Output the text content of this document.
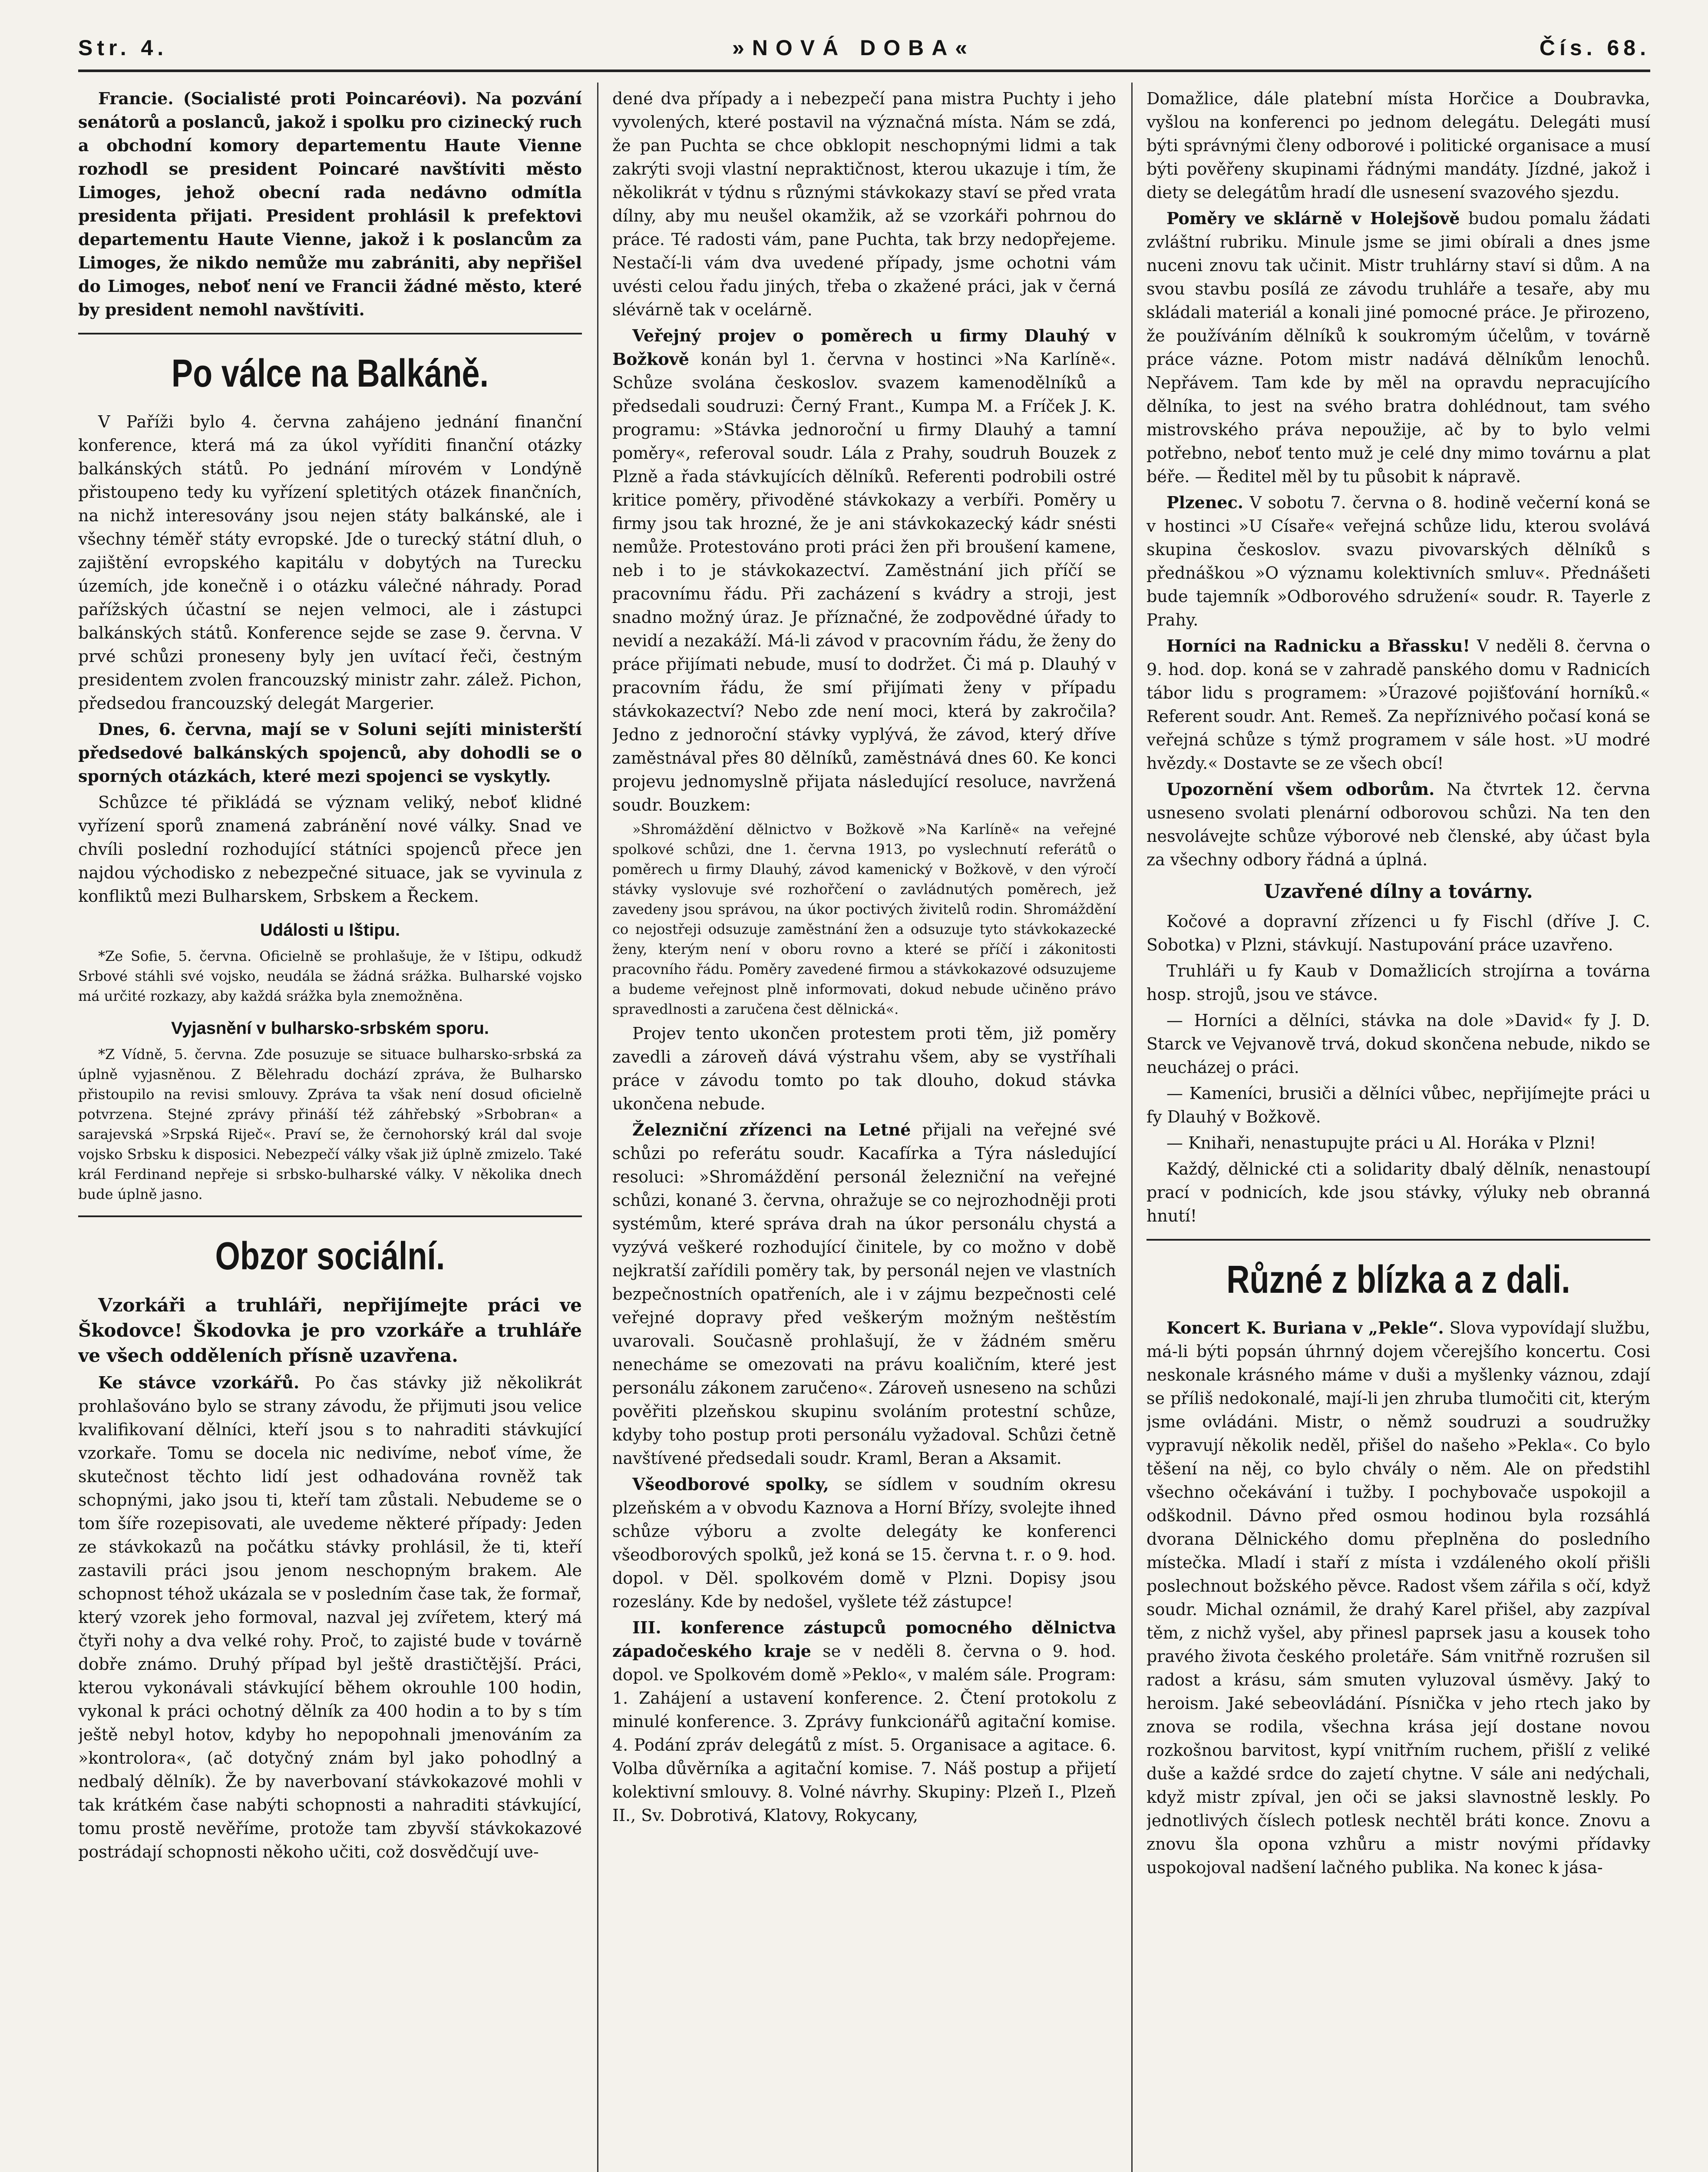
Str. 4.	»NOVÁ DOBA«	Čís. 68.

Francie. (Socialisté proti Poincaréovi). Na pozvání senátorů a poslanců, jakož i spolku pro cizinecký ruch a obchodní komory departementu Haute Vienne rozhodl se president Poincaré navštíviti město Limoges, jehož obecní rada nedávno odmítla presidenta přijati. President prohlásil k prefektovi departementu Haute Vienne, jakož i k poslancům za Limoges, že nikdo nemůže mu zabrániti, aby nepřišel do Limoges, neboť není ve Francii žádné město, které by president nemohl navštíviti.

Po válce na Balkáně.

V Paříži bylo 4. června zahájeno jednání finanční konference, která má za úkol vyříditi finanční otázky balkánských států. Po jednání mírovém v Londýně přistoupeno tedy ku vyřízení spletitých otázek finančních, na nichž interesovány jsou nejen státy balkánské, ale i všechny téměř státy evropské. Jde o turecký státní dluh, o zajištění evropského kapitálu v dobytých na Turecku územích, jde konečně i o otázku válečné náhrady. Porad pařížských účastní se nejen velmoci, ale i zástupci balkánských států. Konference sejde se zase 9. června. V prvé schůzi proneseny byly jen uvítací řeči, čestným presidentem zvolen francouzský ministr zahr. zálež. Pichon, předsedou francouzský delegát Margerier.

Dnes, 6. června, mají se v Soluni sejíti ministerští předsedové balkánských spojenců, aby dohodli se o sporných otázkách, které mezi spojenci se vyskytly.

Schůzce té přikládá se význam veliký, neboť klidné vyřízení sporů znamená zabránění nové války. Snad ve chvíli poslední rozhodující státníci spojenců přece jen najdou východisko z nebezpečné situace, jak se vyvinula z konfliktů mezi Bulharskem, Srbskem a Řeckem.

Události u Ištipu.

*Ze Sofie, 5. června. Oficielně se prohlašuje, že v Ištipu, odkudž Srbové stáhli své vojsko, neudála se žádná srážka. Bulharské vojsko má určité rozkazy, aby každá srážka byla znemožněna.

Vyjasnění v bulharsko-srbském sporu.

*Z Vídně, 5. června. Zde posuzuje se situace bulharsko-srbská za úplně vyjasněnou. Z Bělehradu dochází zpráva, že Bulharsko přistoupilo na revisi smlouvy. Zpráva ta však není dosud oficielně potvrzena. Stejné zprávy přináší též záhřebský »Srbobran« a sarajevská »Srpská Riječ«. Praví se, že černohorský král dal svoje vojsko Srbsku k disposici. Nebezpečí války však již úplně zmizelo. Také král Ferdinand nepřeje si srbsko-bulharské války. V několika dnech bude úplně jasno.

Obzor sociální.

Vzorkáři a truhláři, nepřijímejte práci ve Škodovce! Škodovka je pro vzorkáře a truhláře ve všech odděleních přísně uzavřena.

Ke stávce vzorkářů. Po čas stávky již několikrát prohlašováno bylo se strany závodu, že přijmuti jsou velice kvalifikovaní dělníci, kteří jsou s to nahraditi stávkující vzorkaře. Tomu se docela nic nedivíme, neboť víme, že skutečnost těchto lidí jest odhadována rovněž tak schopnými, jako jsou ti, kteří tam zůstali. Nebudeme se o tom šíře rozepisovati, ale uvedeme některé případy: Jeden ze stávkokazů na počátku stávky prohlásil, že ti, kteří zastavili práci jsou jenom neschopným brakem. Ale schopnost téhož ukázala se v posledním čase tak, že formař, který vzorek jeho formoval, nazval jej zvířetem, který má čtyři nohy a dva velké rohy. Proč, to zajisté bude v továrně dobře známo. Druhý případ byl ještě drastičtější. Práci, kterou vykonávali stávkující během okrouhle 100 hodin, vykonal k práci ochotný dělník za 400 hodin a to by s tím ještě nebyl hotov, kdyby ho nepopohnali jmenováním za »kontrolora«, (ač dotyčný znám byl jako pohodlný a nedbalý dělník). Že by naverbovaní stávkokazové mohli v tak krátkém čase nabýti schopnosti a nahraditi stávkující, tomu prostě nevěříme, protože tam zbyvší stávkokazové postrádají schopnosti někoho učiti, což dosvědčují uve-

dené dva případy a i nebezpečí pana mistra Puchty i jeho vyvolených, které postavil na význačná místa. Nám se zdá, že pan Puchta se chce obklopit neschopnými lidmi a tak zakrýti svoji vlastní nepraktičnost, kterou ukazuje i tím, že několikrát v týdnu s různými stávkokazy staví se před vrata dílny, aby mu neušel okamžik, až se vzorkáři pohrnou do práce. Té radosti vám, pane Puchta, tak brzy nedopřejeme. Nestačí-li vám dva uvedené případy, jsme ochotni vám uvésti celou řadu jiných, třeba o zkažené práci, jak v černá slévárně tak v ocelárně.

Veřejný projev o poměrech u firmy Dlauhý v Božkově konán byl 1. června v hostinci »Na Karlíně«. Schůze svolána českoslov. svazem kamenodělníků a předsedali soudruzi: Černý Frant., Kumpa M. a Fríček J. K. programu: »Stávka jednoroční u firmy Dlauhý a tamní poměry«, referoval soudr. Lála z Prahy, soudruh Bouzek z Plzně a řada stávkujících dělníků. Referenti podrobili ostré kritice poměry, přivoděné stávkokazy a verbíři. Poměry u firmy jsou tak hrozné, že je ani stávkokazecký kádr snésti nemůže. Protestováno proti práci žen při broušení kamene, neb i to je stávkokazectví. Zaměstnání jich příčí se pracovnímu řádu. Při zacházení s kvádry a stroji, jest snadno možný úraz. Je příznačné, že zodpovědné úřady to nevidí a nezakáží. Má-li závod v pracovním řádu, že ženy do práce přijímati nebude, musí to dodržet. Či má p. Dlauhý v pracovním řádu, že smí přijímati ženy v případu stávkokazectví? Nebo zde není moci, která by zakročila? Jedno z jednoroční stávky vyplývá, že závod, který dříve zaměstnával přes 80 dělníků, zaměstnává dnes 60. Ke konci projevu jednomyslně přijata následující resoluce, navržená soudr. Bouzkem:

»Shromáždění dělnictvo v Božkově »Na Karlíně« na veřejné spolkové schůzi, dne 1. června 1913, po vyslechnutí referátů o poměrech u firmy Dlauhý, závod kamenický v Božkově, v den výročí stávky vyslovuje své rozhořčení o zavládnutých poměrech, jež zavedeny jsou správou, na úkor poctivých živitelů rodin. Shromáždění co nejostřeji odsuzuje zaměstnání žen a odsuzuje tyto stávkokazecké ženy, kterým není v oboru rovno a které se příčí i zákonitosti pracovního řádu. Poměry zavedené firmou a stávkokazové odsuzujeme a budeme veřejnost plně informovati, dokud nebude učiněno právo spravedlnosti a zaručena čest dělnická«.

Projev tento ukončen protestem proti těm, již poměry zavedli a zároveň dává výstrahu všem, aby se vystříhali práce v závodu tomto po tak dlouho, dokud stávka ukončena nebude.

Železniční zřízenci na Letné přijali na veřejné své schůzi po referátu soudr. Kacafírka a Týra následující resoluci: »Shromáždění personál železniční na veřejné schůzi, konané 3. června, ohražuje se co nejrozhodněji proti systémům, které správa drah na úkor personálu chystá a vyzývá veškeré rozhodující činitele, by co možno v době nejkratší zařídili poměry tak, by personál nejen ve vlastních bezpečnostních opatřeních, ale i v zájmu bezpečnosti celé veřejné dopravy před veškerým možným neštěstím uvarovali. Současně prohlašují, že v žádném směru nenecháme se omezovati na právu koaličním, které jest personálu zákonem zaručeno«. Zároveň usneseno na schůzi pověřiti plzeňskou skupinu svoláním protestní schůze, kdyby toho postup proti personálu vyžadoval. Schůzi četně navštívené předsedali soudr. Kraml, Beran a Aksamit.

Všeodborové spolky, se sídlem v soudním okresu plzeňském a v obvodu Kaznova a Horní Břízy, svolejte ihned schůze výboru a zvolte delegáty ke konferenci všeodborových spolků, jež koná se 15. června t. r. o 9. hod. dopol. v Děl. spolkovém domě v Plzni. Dopisy jsou rozeslány. Kde by nedošel, vyšlete též zástupce!

III. konference zástupců pomocného dělnictva západočeského kraje se v neděli 8. června o 9. hod. dopol. ve Spolkovém domě »Peklo«, v malém sále. Program: 1. Zahájení a ustavení konference. 2. Čtení protokolu z minulé konference. 3. Zprávy funkcionářů agitační komise. 4. Podání zpráv delegátů z míst. 5. Organisace a agitace. 6. Volba důvěrníka a agitační komise. 7. Náš postup a přijetí kolektivní smlouvy. 8. Volné návrhy. Skupiny: Plzeň I., Plzeň II., Sv. Dobrotivá, Klatovy, Rokycany,

Domažlice, dále platební místa Horčice a Doubravka, vyšlou na konferenci po jednom delegátu. Delegáti musí býti správnými členy odborové i politické organisace a musí býti pověřeny skupinami řádnými mandáty. Jízdné, jakož i diety se delegátům hradí dle usnesení svazového sjezdu.

Poměry ve sklárně v Holejšově budou pomalu žádati zvláštní rubriku. Minule jsme se jimi obírali a dnes jsme nuceni znovu tak učinit. Mistr truhlárny staví si dům. A na svou stavbu posílá ze závodu truhláře a tesaře, aby mu skládali materiál a konali jiné pomocné práce. Je přirozeno, že používáním dělníků k soukromým účelům, v továrně práce vázne. Potom mistr nadává dělníkům lenochů. Nepřávem. Tam kde by měl na opravdu nepracujícího dělníka, to jest na svého bratra dohlédnout, tam svého mistrovského práva nepoužije, ač by to bylo velmi potřebno, neboť tento muž je celé dny mimo továrnu a plat béře. — Ředitel měl by tu působit k nápravě.

Plzenec. V sobotu 7. června o 8. hodině večerní koná se v hostinci »U Císaře« veřejná schůze lidu, kterou svolává skupina českoslov. svazu pivovarských dělníků s přednáškou »O významu kolektivních smluv«. Přednášeti bude tajemník »Odborového sdružení« soudr. R. Tayerle z Prahy.

Horníci na Radnicku a Břassku! V neděli 8. června o 9. hod. dop. koná se v zahradě panského domu v Radnicích tábor lidu s programem: »Úrazové pojišťování horníků.« Referent soudr. Ant. Remeš. Za nepříznivého počasí koná se veřejná schůze s týmž programem v sále host. »U modré hvězdy.« Dostavte se ze všech obcí!

Upozornění všem odborům. Na čtvrtek 12. června usneseno svolati plenární odborovou schůzi. Na ten den nesvolávejte schůze výborové neb členské, aby účast byla za všechny odbory řádná a úplná.

Uzavřené dílny a továrny.

Kočové a dopravní zřízenci u fy Fischl (dříve J. C. Sobotka) v Plzni, stávkují. Nastupování práce uzavřeno.

Truhláři u fy Kaub v Domažlicích strojírna a továrna hosp. strojů, jsou ve stávce.

— Horníci a dělníci, stávka na dole »David« fy J. D. Starck ve Vejvanově trvá, dokud skončena nebude, nikdo se neucházej o práci.

— Kameníci, brusiči a dělníci vůbec, nepřijímejte práci u fy Dlauhý v Božkově.

— Knihaři, nenastupujte práci u Al. Horáka v Plzni!

Každý, dělnické cti a solidarity dbalý dělník, nenastoupí prací v podnicích, kde jsou stávky, výluky neb obranná hnutí!

Různé z blízka a z dali.

Koncert K. Buriana v „Pekle“. Slova vypovídají službu, má-li býti popsán úhrnný dojem včerejšího koncertu. Cosi neskonale krásného máme v duši a myšlenky váznou, zdají se příliš nedokonalé, mají-li jen zhruba tlumočiti cit, kterým jsme ovládáni. Mistr, o němž soudruzi a soudružky vypravují několik neděl, přišel do našeho »Pekla«. Co bylo těšení na něj, co bylo chvály o něm. Ale on předstihl všechno očekávání i tužby. I pochybovače uspokojil a odškodnil. Dávno před osmou hodinou byla rozsáhlá dvorana Dělnického domu přeplněna do posledního místečka. Mladí i staří z místa i vzdáleného okolí přišli poslechnout božského pěvce. Radost všem zářila s očí, když soudr. Michal oznámil, že drahý Karel přišel, aby zazpíval těm, z nichž vyšel, aby přinesl paprsek jasu a kousek toho pravého života českého proletáře. Sám vnitřně rozrušen sil radost a krásu, sám smuten vyluzoval úsměvy. Jaký to heroism. Jaké sebeovládání. Písnička v jeho rtech jako by znova se rodila, všechna krása její dostane novou rozkošnou barvitost, kypí vnitřním ruchem, přišlí z veliké duše a každé srdce do zajetí chytne. V sále ani nedýchali, když mistr zpíval, jen oči se jaksi slavnostně leskly. Po jednotlivých číslech potlesk nechtěl bráti konce. Znovu a znovu šla opona vzhůru a mistr novými přídavky uspokojoval nadšení lačného publika. Na konec k jása-
